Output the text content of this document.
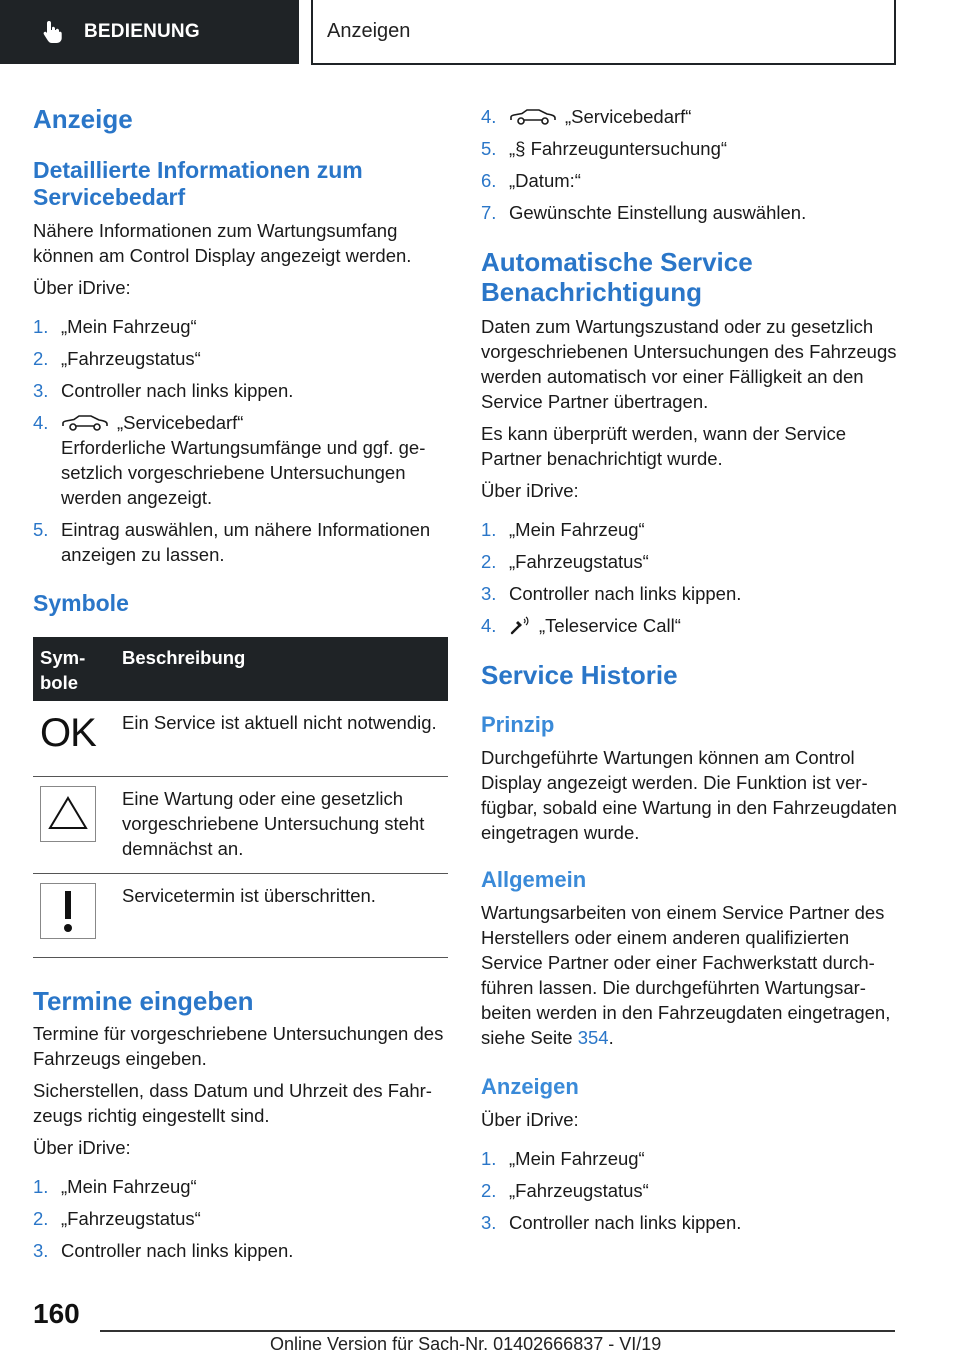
BEDIENUNG	Anzeigen
Anzeige
Detaillierte Informationen zum Servicebedarf

Nähere Informationen zum Wartungsumfang können am Control Display angezeigt werden.

Über iDrive:

1. „Mein Fahrzeug“
2. „Fahrzeugstatus“
3. Controller nach links kippen.
4.	„Servicebedarf“
Erforderliche Wartungsumfänge und ggf. gesetzlich vorgeschriebene Untersuchungen werden angezeigt.
5. Eintrag auswählen, um nähere Informationen anzeigen zu lassen.
Symbole
Symbole	Beschreibung

OK	Ein Service ist aktuell nicht notwendig.
	Eine Wartung oder eine gesetzlich vorgeschriebene Untersuchung steht demnächst an.
	Servicetermin ist überschritten.
Termine eingeben

Termine für vorgeschriebene Untersuchungen des Fahrzeugs eingeben.

Sicherstellen, dass Datum und Uhrzeit des Fahrzeugs richtig eingestellt sind.

Über iDrive:

1. „Mein Fahrzeug“
2. „Fahrzeugstatus“
3. Controller nach links kippen.
4.	„Servicebedarf“
5. „§ Fahrzeuguntersuchung“
6. „Datum:“
7. Gewünschte Einstellung auswählen.
Automatische Service Benachrichtigung

Daten zum Wartungszustand oder zu gesetzlich vorgeschriebenen Untersuchungen des Fahrzeugs werden automatisch vor einer Fälligkeit an den Service Partner übertragen.

Es kann überprüft werden, wann der Service Partner benachrichtigt wurde.

Über iDrive:

1. „Mein Fahrzeug“
2. „Fahrzeugstatus“
3. Controller nach links kippen.
4.	„Teleservice Call“
Service Historie
Prinzip

Durchgeführte Wartungen können am Control Display angezeigt werden. Die Funktion ist verfügbar, sobald eine Wartung in den Fahrzeugdaten eingetragen wurde.

Allgemein

Wartungsarbeiten von einem Service Partner des Herstellers oder einem anderen qualifizierten Service Partner oder einer Fachwerkstatt durchführen lassen. Die durchgeführten Wartungsarbeiten werden in den Fahrzeugdaten eingetragen, siehe Seite 354.

Anzeigen

Über iDrive:

1. „Mein Fahrzeug“
2. „Fahrzeugstatus“
3. Controller nach links kippen.
160
Online Version für Sach-Nr. 01402666837 - VI/19
